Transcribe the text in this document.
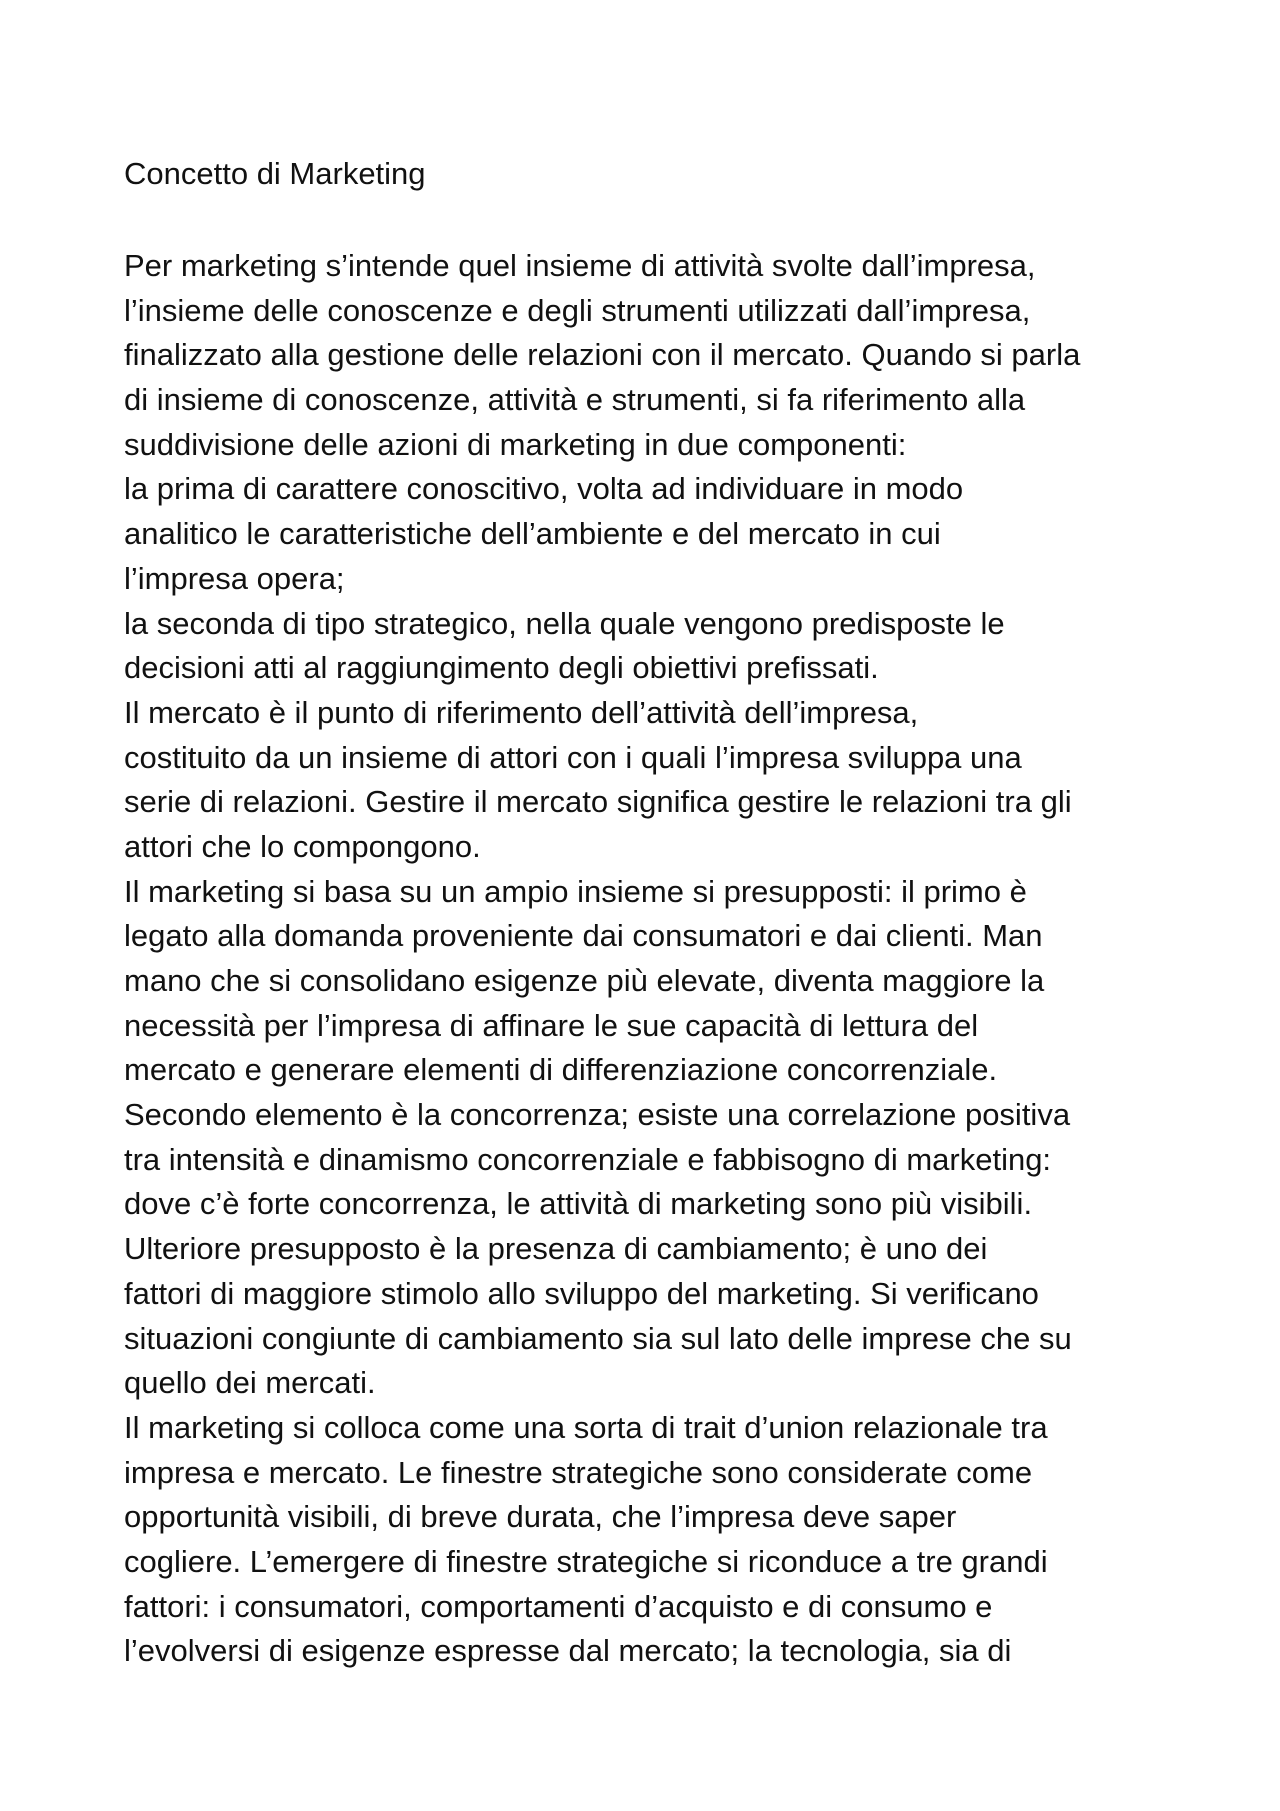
Concetto di Marketing
Per marketing s’intende quel insieme di attività svolte dall’impresa,
l’insieme delle conoscenze e degli strumenti utilizzati dall’impresa,
finalizzato alla gestione delle relazioni con il mercato. Quando si parla
di insieme di conoscenze, attività e strumenti, si fa riferimento alla
suddivisione delle azioni di marketing in due componenti:
la prima di carattere conoscitivo, volta ad individuare in modo
analitico le caratteristiche dell’ambiente e del mercato in cui
l’impresa opera;
la seconda di tipo strategico, nella quale vengono predisposte le
decisioni atti al raggiungimento degli obiettivi prefissati.
Il mercato è il punto di riferimento dell’attività dell’impresa,
costituito da un insieme di attori con i quali l’impresa sviluppa una
serie di relazioni. Gestire il mercato significa gestire le relazioni tra gli
attori che lo compongono.
Il marketing si basa su un ampio insieme si presupposti: il primo è
legato alla domanda proveniente dai consumatori e dai clienti. Man
mano che si consolidano esigenze più elevate, diventa maggiore la
necessità per l’impresa di affinare le sue capacità di lettura del
mercato e generare elementi di differenziazione concorrenziale.
Secondo elemento è la concorrenza; esiste una correlazione positiva
tra intensità e dinamismo concorrenziale e fabbisogno di marketing:
dove c’è forte concorrenza, le attività di marketing sono più visibili.
Ulteriore presupposto è la presenza di cambiamento; è uno dei
fattori di maggiore stimolo allo sviluppo del marketing. Si verificano
situazioni congiunte di cambiamento sia sul lato delle imprese che su
quello dei mercati.
Il marketing si colloca come una sorta di trait d’union relazionale tra
impresa e mercato. Le finestre strategiche sono considerate come
opportunità visibili, di breve durata, che l’impresa deve saper
cogliere. L’emergere di finestre strategiche si riconduce a tre grandi
fattori: i consumatori, comportamenti d’acquisto e di consumo e
l’evolversi di esigenze espresse dal mercato; la tecnologia, sia di
